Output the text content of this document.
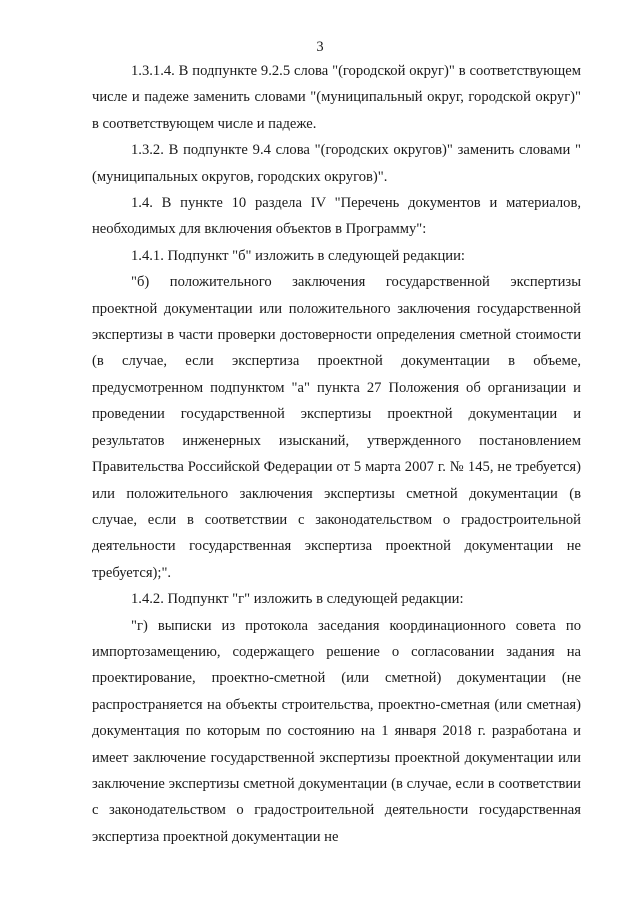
3

1.3.1.4. В подпункте 9.2.5 слова "(городской округ)" в соответствующем числе и падеже заменить словами "(муниципальный округ, городской округ)" в соответствующем числе и падеже.

1.3.2. В подпункте 9.4 слова "(городских округов)" заменить словами "(муниципальных округов, городских округов)".

1.4. В пункте 10 раздела IV "Перечень документов и материалов, необходимых для включения объектов в Программу":

1.4.1. Подпункт "б" изложить в следующей редакции:

"б) положительного заключения государственной экспертизы проектной документации или положительного заключения государственной экспертизы в части проверки достоверности определения сметной стоимости (в случае, если экспертиза проектной документации в объеме, предусмотренном подпунктом "а" пункта 27 Положения об организации и проведении государственной экспертизы проектной документации и результатов инженерных изысканий, утвержденного постановлением Правительства Российской Федерации от 5 марта 2007 г. № 145, не требуется) или положительного заключения экспертизы сметной документации (в случае, если в соответствии с законодательством о градостроительной деятельности государственная экспертиза проектной документации не требуется);".

1.4.2. Подпункт "г" изложить в следующей редакции:

"г) выписки из протокола заседания координационного совета по импортозамещению, содержащего решение о согласовании задания на проектирование, проектно-сметной (или сметной) документации (не распространяется на объекты строительства, проектно-сметная (или сметная) документация по которым по состоянию на 1 января 2018 г. разработана и имеет заключение государственной экспертизы проектной документации или заключение экспертизы сметной документации (в случае, если в соответствии с законодательством о градостроительной деятельности государственная экспертиза проектной документации не
